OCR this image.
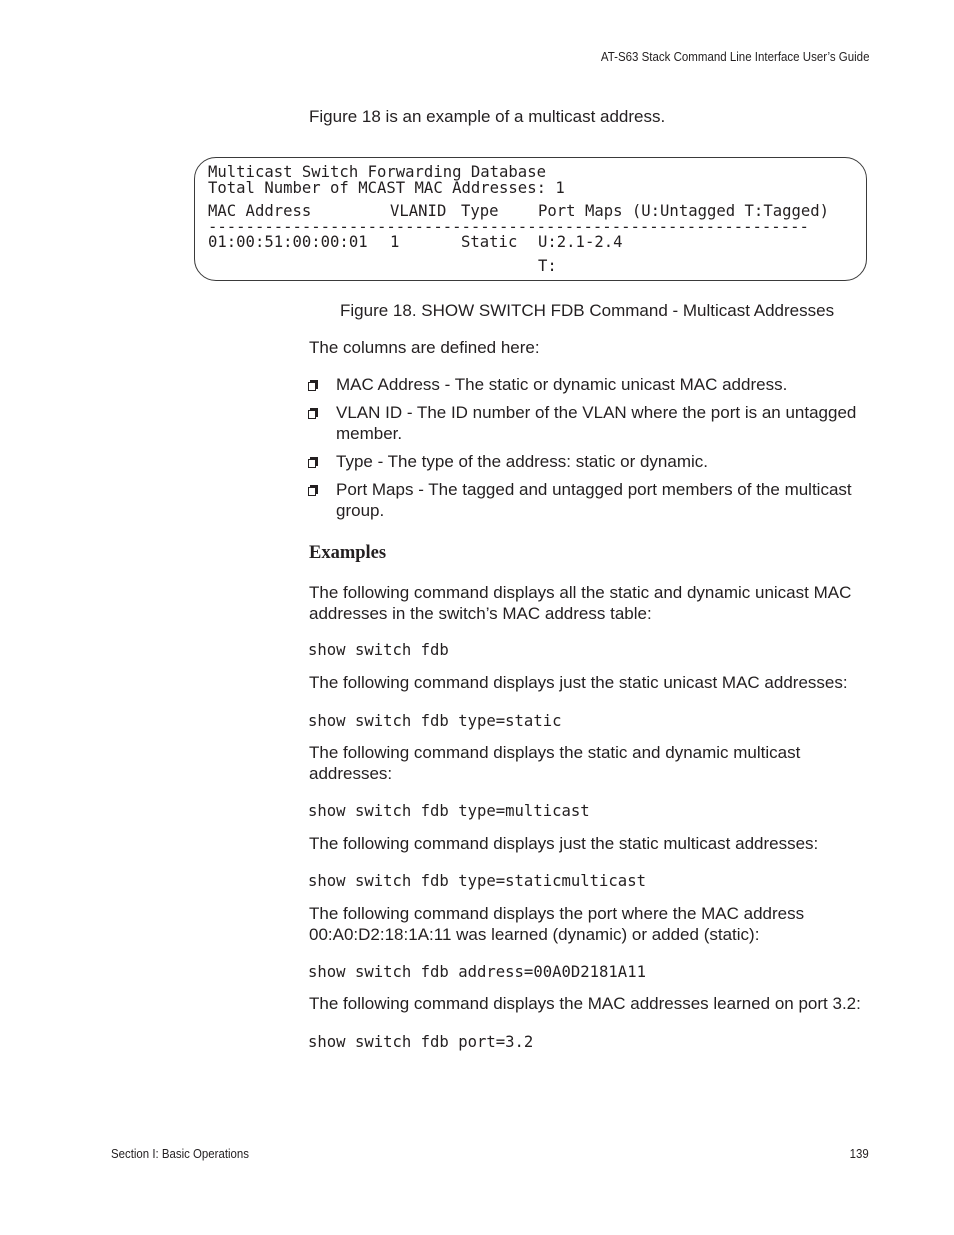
AT-S63 Stack Command Line Interface User’s Guide
Figure 18 is an example of a multicast address.
Multicast Switch Forwarding Database
Total Number of MCAST MAC Addresses: 1
MAC Address	VLANID Type	Port Maps (U:Untagged T:Tagged)
----------------------------------------------------------------
01:00:51:00:00:01 1	Static U:2.1-2.4
T:
Figure 18. SHOW SWITCH FDB Command - Multicast Addresses
The columns are defined here:
MAC Address - The static or dynamic unicast MAC address.
VLAN ID - The ID number of the VLAN where the port is an untagged member.
Type - The type of the address: static or dynamic.
Port Maps - The tagged and untagged port members of the multicast group.
Examples
The following command displays all the static and dynamic unicast MAC addresses in the switch’s MAC address table:
show switch fdb
The following command displays just the static unicast MAC addresses:
show switch fdb type=static
The following command displays the static and dynamic multicast addresses:
show switch fdb type=multicast
The following command displays just the static multicast addresses:
show switch fdb type=staticmulticast
The following command displays the port where the MAC address 00:A0:D2:18:1A:11 was learned (dynamic) or added (static):
show switch fdb address=00A0D2181A11
The following command displays the MAC addresses learned on port 3.2:
show switch fdb port=3.2
Section I: Basic Operations	139
